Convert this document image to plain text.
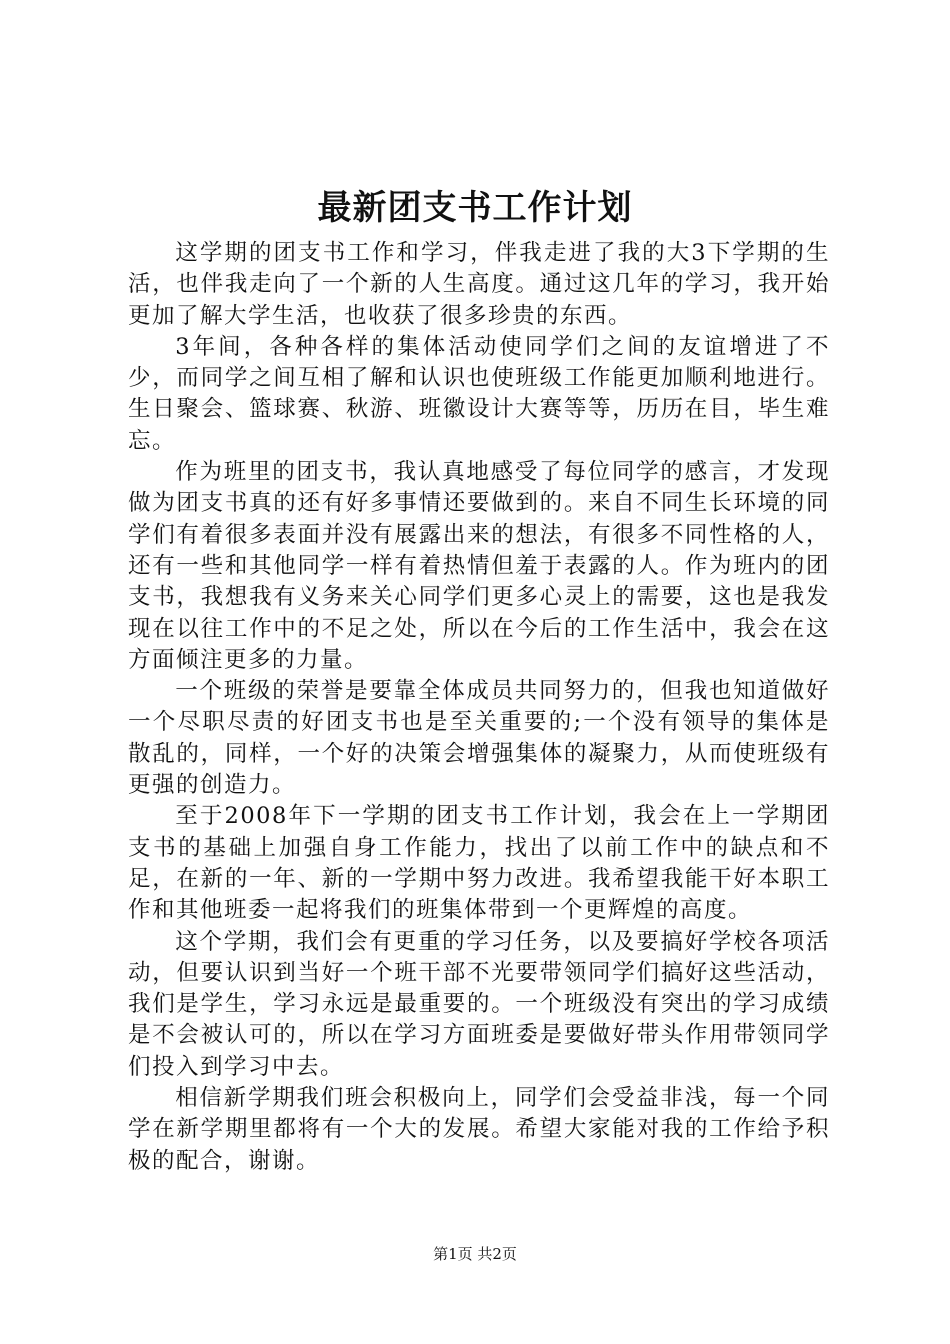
最新团支书工作计划

这学期的团支书工作和学习，伴我走进了我的大3下学期的生活，也伴我走向了一个新的人生高度。通过这几年的学习，我开始更加了解大学生活，也收获了很多珍贵的东西。

3年间，各种各样的集体活动使同学们之间的友谊增进了不少，而同学之间互相了解和认识也使班级工作能更加顺利地进行。生日聚会、篮球赛、秋游、班徽设计大赛等等，历历在目，毕生难忘。

作为班里的团支书，我认真地感受了每位同学的感言，才发现做为团支书真的还有好多事情还要做到的。来自不同生长环境的同学们有着很多表面并没有展露出来的想法，有很多不同性格的人，还有一些和其他同学一样有着热情但羞于表露的人。作为班内的团支书，我想我有义务来关心同学们更多心灵上的需要，这也是我发现在以往工作中的不足之处，所以在今后的工作生活中，我会在这方面倾注更多的力量。

一个班级的荣誉是要靠全体成员共同努力的，但我也知道做好一个尽职尽责的好团支书也是至关重要的;一个没有领导的集体是散乱的，同样，一个好的决策会增强集体的凝聚力，从而使班级有更强的创造力。

至于2008年下一学期的团支书工作计划，我会在上一学期团支书的基础上加强自身工作能力，找出了以前工作中的缺点和不足，在新的一年、新的一学期中努力改进。我希望我能干好本职工作和其他班委一起将我们的班集体带到一个更辉煌的高度。

这个学期，我们会有更重的学习任务，以及要搞好学校各项活动，但要认识到当好一个班干部不光要带领同学们搞好这些活动，我们是学生，学习永远是最重要的。一个班级没有突出的学习成绩是不会被认可的，所以在学习方面班委是要做好带头作用带领同学们投入到学习中去。

相信新学期我们班会积极向上，同学们会受益非浅，每一个同学在新学期里都将有一个大的发展。希望大家能对我的工作给予积极的配合，谢谢。

第1页 共2页
